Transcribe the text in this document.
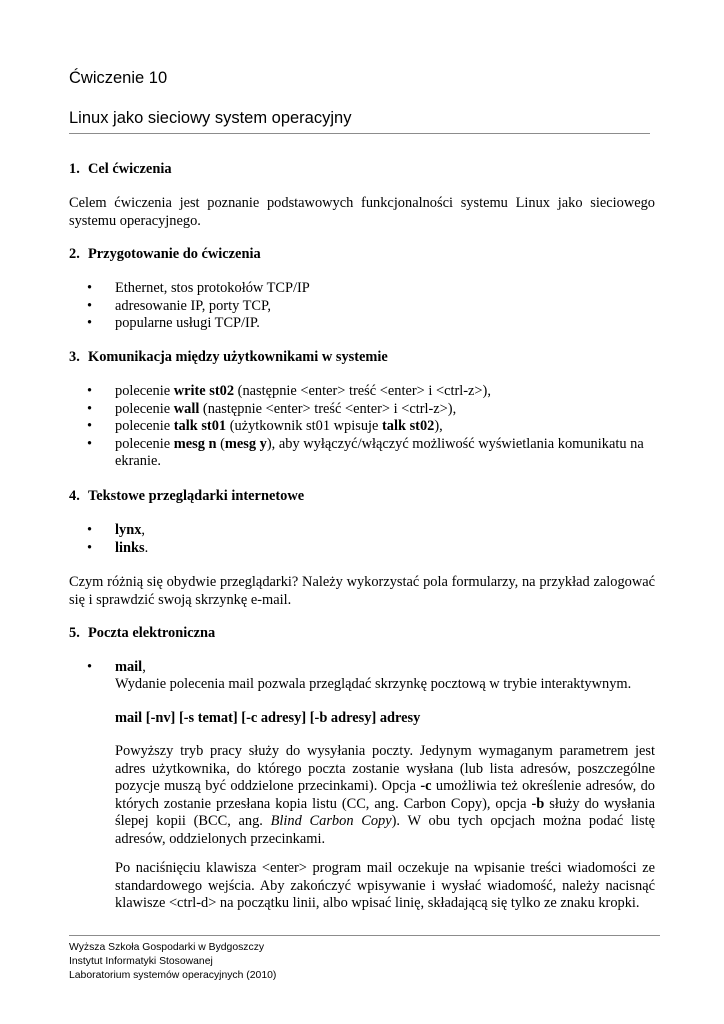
Ćwiczenie 10
Linux jako sieciowy system operacyjny
1. Cel ćwiczenia
Celem ćwiczenia jest poznanie podstawowych funkcjonalności systemu Linux jako sieciowego systemu operacyjnego.
2. Przygotowanie do ćwiczenia
• Ethernet, stos protokołów TCP/IP
• adresowanie IP, porty TCP,
• popularne usługi TCP/IP.
3. Komunikacja między użytkownikami w systemie
• polecenie write st02 (następnie <enter> treść <enter> i <ctrl-z>),
• polecenie wall (następnie <enter> treść <enter> i <ctrl-z>),
• polecenie talk st01 (użytkownik st01 wpisuje talk st02),
• polecenie mesg n (mesg y), aby wyłączyć/włączyć możliwość wyświetlania komunikatu na ekranie.
4. Tekstowe przeglądarki internetowe
• lynx,
• links.
Czym różnią się obydwie przeglądarki? Należy wykorzystać pola formularzy, na przykład zalogować się i sprawdzić swoją skrzynkę e-mail.
5. Poczta elektroniczna
• mail,
Wydanie polecenia mail pozwala przeglądać skrzynkę pocztową w trybie interaktywnym.
mail [-nv] [-s temat] [-c adresy] [-b adresy] adresy
Powyższy tryb pracy służy do wysyłania poczty. Jedynym wymaganym parametrem jest adres użytkownika, do którego poczta zostanie wysłana (lub lista adresów, poszczególne pozycje muszą być oddzielone przecinkami). Opcja -c umożliwia też określenie adresów, do których zostanie przesłana kopia listu (CC, ang. Carbon Copy), opcja -b służy do wysłania ślepej kopii (BCC, ang. Blind Carbon Copy). W obu tych opcjach można podać listę adresów, oddzielonych przecinkami.
Po naciśnięciu klawisza <enter> program mail oczekuje na wpisanie treści wiadomości ze standardowego wejścia. Aby zakończyć wpisywanie i wysłać wiadomość, należy nacisnąć klawisze <ctrl-d> na początku linii, albo wpisać linię, składającą się tylko ze znaku kropki.
Wyższa Szkoła Gospodarki w Bydgoszczy
Instytut Informatyki Stosowanej
Laboratorium systemów operacyjnych (2010)
